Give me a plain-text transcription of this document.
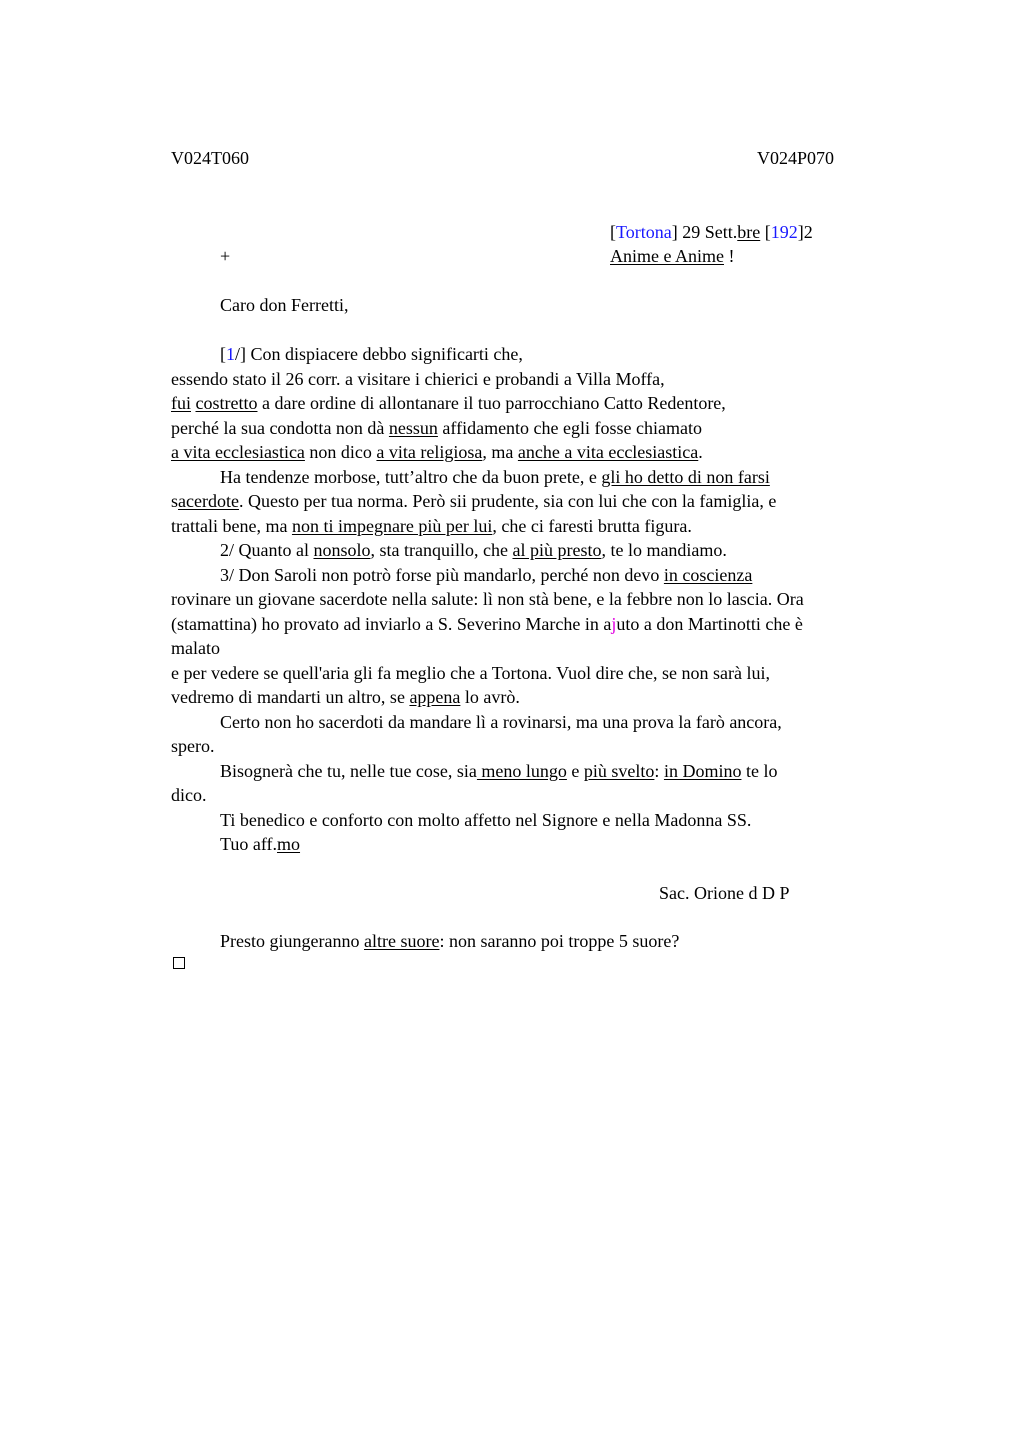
V024T060	V024P070
[Tortona] 29 Sett.bre [192]2
Anime e Anime !
+
Caro don Ferretti,

[1/] Con dispiacere debbo significarti che,

essendo stato il 26 corr. a visitare i chierici e probandi a Villa Moffa,

fui costretto a dare ordine di allontanare il tuo parrocchiano Catto Redentore,

perché la sua condotta non dà nessun affidamento che egli fosse chiamato

a vita ecclesiastica non dico a vita religiosa, ma anche a vita ecclesiastica.

Ha tendenze morbose, tutt’altro che da buon prete, e gli ho detto di non farsi

sacerdote. Questo per tua norma. Però sii prudente, sia con lui che con la famiglia, e

trattali bene, ma non ti impegnare più per lui, che ci faresti brutta figura.

2/ Quanto al nonsolo, sta tranquillo, che al più presto, te lo mandiamo.

3/ Don Saroli non potrò forse più mandarlo, perché non devo in coscienza

rovinare un giovane sacerdote nella salute: lì non stà bene, e la febbre non lo lascia. Ora

(stamattina) ho provato ad inviarlo a S. Severino Marche in ajuto a don Martinotti che è

malato

e per vedere se quell'aria gli fa meglio che a Tortona. Vuol dire che, se non sarà lui,

vedremo di mandarti un altro, se appena lo avrò.

Certo non ho sacerdoti da mandare lì a rovinarsi, ma una prova la farò ancora,

spero.

Bisognerà che tu, nelle tue cose, sia meno lungo e più svelto: in Domino te lo

dico.

Ti benedico e conforto con molto affetto nel Signore e nella Madonna SS.

Tuo aff.mo

Sac. Orione d D P
Presto giungeranno altre suore: non saranno poi troppe 5 suore?
